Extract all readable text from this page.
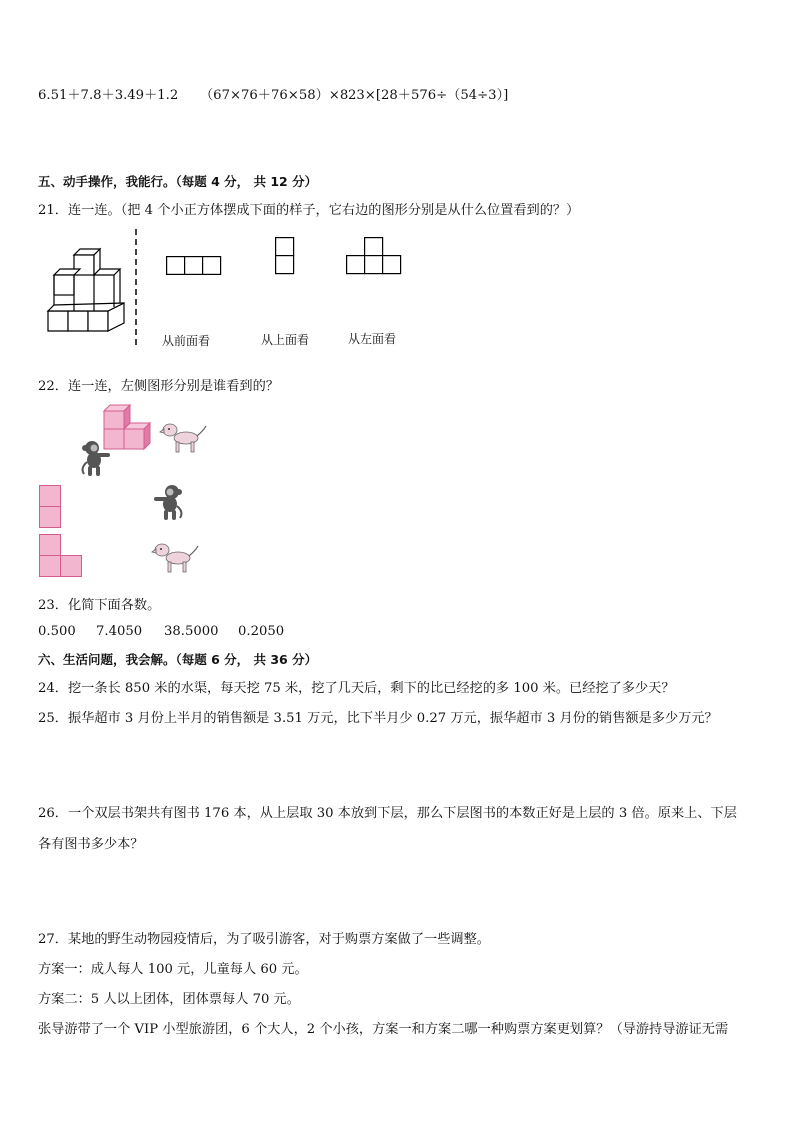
6.51＋7.8＋3.49＋1.2 （67×76＋76×58）×8 23×[28＋576÷（54÷3）]
五、动手操作，我能行。（每题 4 分， 共 12 分）
21．连一连。（把 4 个小正方体摆成下面的样子，它右边的图形分别是从什么位置看到的？）
从前面看	从上面看	从左面看
22．连一连，左侧图形分别是谁看到的？
23．化简下面各数。
0.500 7.4050 38.5000 0.2050
六、生活问题，我会解。（每题 6 分， 共 36 分）
24．挖一条长 850 米的水渠，每天挖 75 米，挖了几天后，剩下的比已经挖的多 100 米。已经挖了多少天？
25．振华超市 3 月份上半月的销售额是 3.51 万元，比下半月少 0.27 万元，振华超市 3 月份的销售额是多少万元？
26．一个双层书架共有图书 176 本，从上层取 30 本放到下层，那么下层图书的本数正好是上层的 3 倍。原来上、下层
各有图书多少本？
27．某地的野生动物园疫情后，为了吸引游客，对于购票方案做了一些调整。
方案一：成人每人 100 元，儿童每人 60 元。
方案二：5 人以上团体，团体票每人 70 元。
张导游带了一个 VIP 小型旅游团，6 个大人，2 个小孩，方案一和方案二哪一种购票方案更划算？（导游持导游证无需
